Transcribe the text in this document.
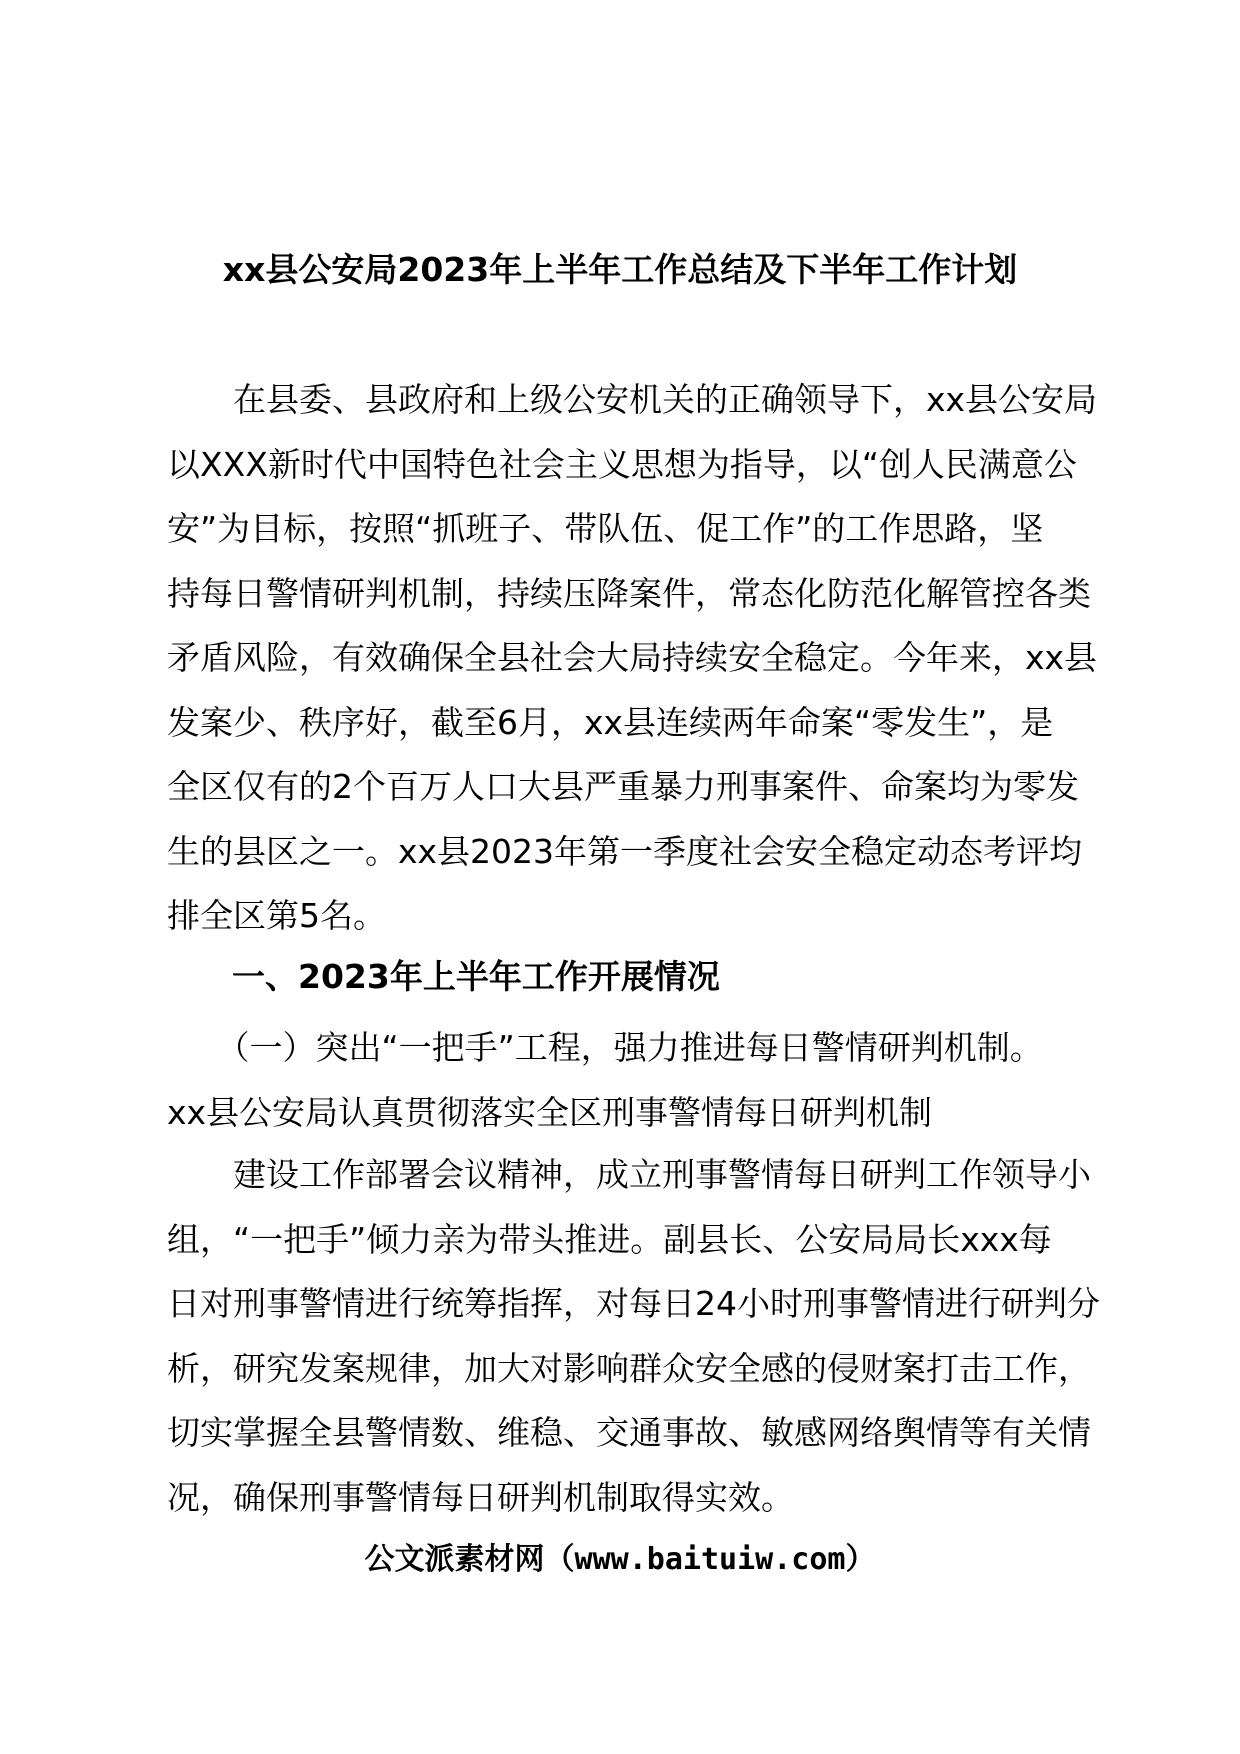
xx县公安局2023年上半年工作总结及下半年工作计划
　　在县委、县政府和上级公安机关的正确领导下，xx县公安局
以XXX新时代中国特色社会主义思想为指导，以“创人民满意公
安”为目标，按照“抓班子、带队伍、促工作”的工作思路，坚
持每日警情研判机制，持续压降案件，常态化防范化解管控各类
矛盾风险，有效确保全县社会大局持续安全稳定。今年来，xx县
发案少、秩序好，截至6月，xx县连续两年命案“零发生”，是
全区仅有的2个百万人口大县严重暴力刑事案件、命案均为零发
生的县区之一。xx县2023年第一季度社会安全稳定动态考评均
排全区第5名。
一、2023年上半年工作开展情况
　　（一）突出“一把手”工程，强力推进每日警情研判机制。
xx县公安局认真贯彻落实全区刑事警情每日研判机制
　　建设工作部署会议精神，成立刑事警情每日研判工作领导小
组，“一把手”倾力亲为带头推进。副县长、公安局局长xxx每
日对刑事警情进行统筹指挥，对每日24小时刑事警情进行研判分
析，研究发案规律，加大对影响群众安全感的侵财案打击工作，
切实掌握全县警情数、维稳、交通事故、敏感网络舆情等有关情
况，确保刑事警情每日研判机制取得实效。
公文派素材网（www.baituiw.com）
